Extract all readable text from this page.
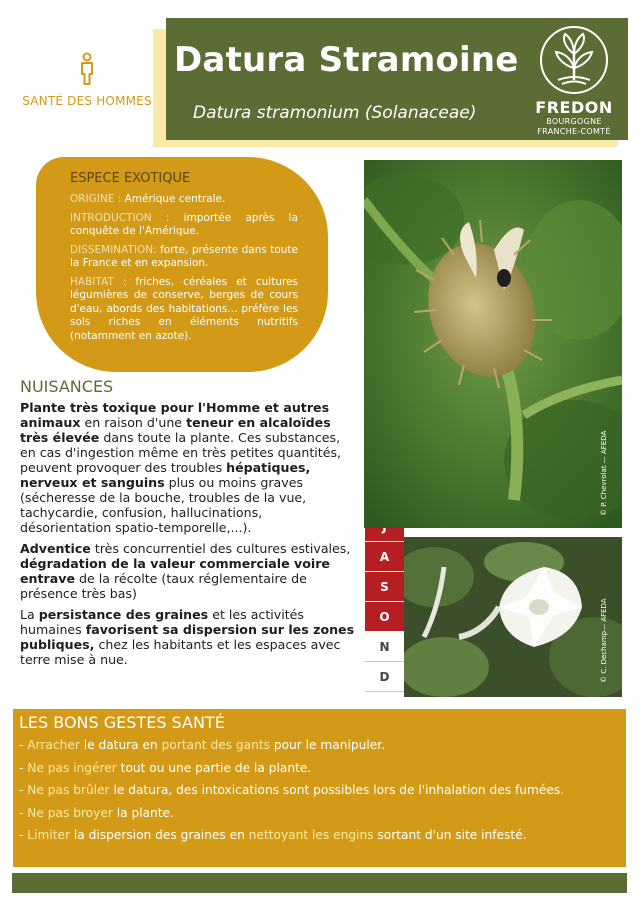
SANTÉ DES HOMMES
Datura Stramoine
Datura stramonium (Solanaceae)	FREDON
BOURGOGNE
FRANCHE-COMTÉ
ESPECE EXOTIQUE

ORIGINE : Amérique centrale.

INTRODUCTION : importée après la conquête de l'Amérique.

DISSEMINATION: forte, présente dans toute la France et en expansion.

HABITAT : friches, céréales et cultures légumières de conserve, berges de cours d'eau, abords des habitations... préfère les sols riches en éléments nutritifs (notamment en azote).

NUISANCES

Plante très toxique pour l'Homme et autres animaux en raison d'une teneur en alcaloïdes très élevée dans toute la plante. Ces substances, en cas d'ingestion même en très petites quantités, peuvent provoquer des troubles hépatiques, nerveux et sanguins plus ou moins graves (sécheresse de la bouche, troubles de la vue, tachycardie, confusion, hallucinations, désorientation spatio-temporelle,...).

Adventice très concurrentiel des cultures estivales, dégradation de la valeur commerciale voire entrave de la récolte (taux réglementaire de présence très bas)

La persistance des graines et les activités humaines favorisent sa dispersion sur les zones publiques, chez les habitants et les espaces avec terre mise à nue.

A
S
O
N
D
© P. Chevrolat — AFEDA
© C. Dechamp— AFEDA
LES BONS GESTES SANTÉ

- Arracher le datura en portant des gants pour le manipuler.

- Ne pas ingérer tout ou une partie de la plante.

- Ne pas brûler le datura, des intoxications sont possibles lors de l'inhalation des fumées.

- Ne pas broyer la plante.

- Limiter la dispersion des graines en nettoyant les engins sortant d'un site infesté.
